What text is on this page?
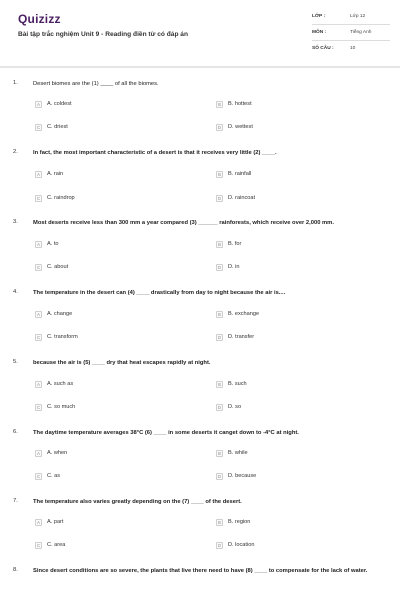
Quizizz
Bài tập trắc nghiệm Unit 9 - Reading điền từ có đáp án
LỚP :	Lớp 12
MÔN :	Tiếng Anh
SỐ CÂU :	10
1.	Desert biomes are the (1) ____ of all the biomes.
A	A. coldest	B	B. hottest
C	C. driest	D	D. wettest
2.	In fact, the most important characteristic of a desert is that it receives very little (2) ____.
A	A. rain	B	B. rainfall
C	C. raindrop	D	D. raincoat
3.	Most deserts receive less than 300 mm a year compared (3) ______ rainforests, which receive over 2,000 mm.
A	A. to	B	B. for
C	C. about	D	D. in
4.	The temperature in the desert can (4) ____ drastically from day to night because the air is....
A	A. change	B	B. exchange
C	C. transform	D	D. transfer
5.	because the air is (5) ____ dry that heat escapes rapidly at night.
A	A. such as	B	B. such
C	C. so much	D	D. so
6.	The daytime temperature averages 38°C (6) ____ in some deserts it canget down to -4°C at night.
A	A. when	B	B. while
C	C. as	D	D. because
7.	The temperature also varies greatly depending on the (7) ____ of the desert.
A	A. part	B	B. region
C	C. area	D	D. location
8.	Since desert conditions are so severe, the plants that live there need to have (8) ____ to compensate for the lack of water.
